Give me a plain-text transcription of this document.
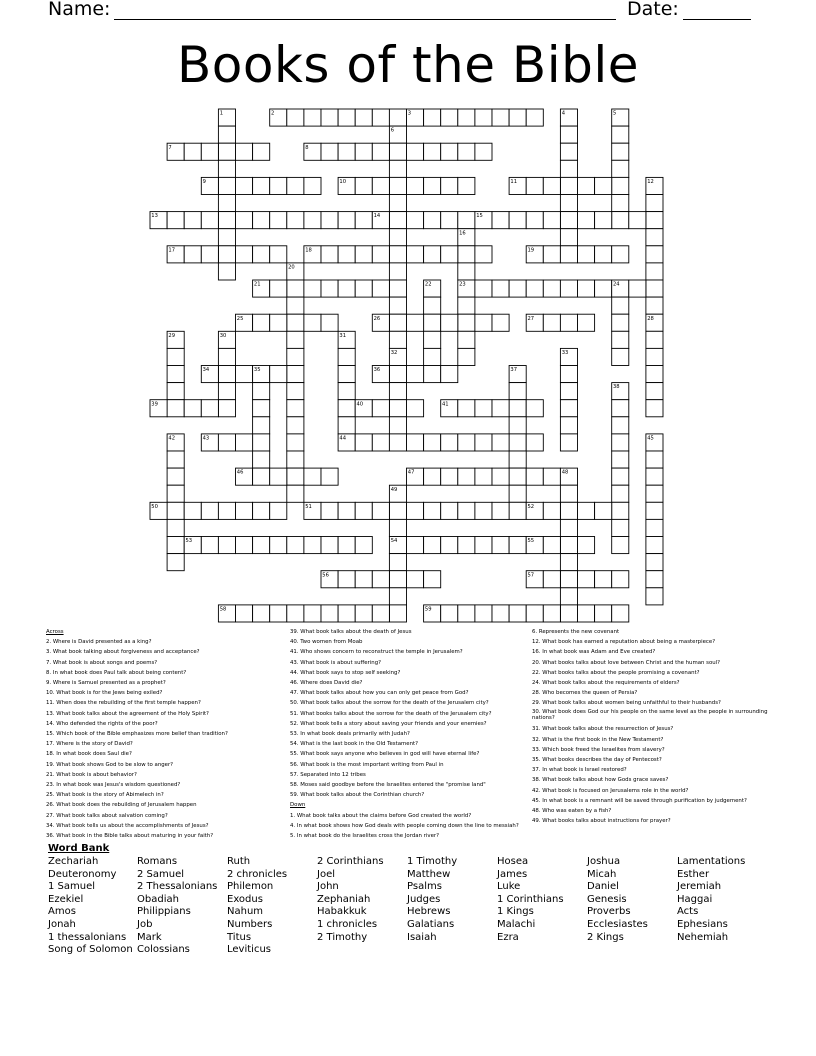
Name:	Date:
Books of the Bible
1	2	3	4	5
6
7	8
9	10	11	12
13	14	15
16
17	18	19
20
21	22	23	24
25	26	27	28
29	30	31
32	33
34	35	36	37
38
39	40	41
42	43	44	45
46	47	48
49
50	51	52
53	54	55
56	57
58	59
Across
2. Where is David presented as a king?
3. What book talking about forgiveness and acceptance?
7. What book is about songs and poems?
8. In what book does Paul talk about being content?
9. Where is Samuel presented as a prophet?
10. What book is for the Jews being exiled?
11. When does the rebuilding of the first temple happen?
13. What book talks about the agreement of the Holy Spirit?
14. Who defended the rights of the poor?
15. Which book of the Bible emphasizes more belief than tradition?
17. Where is the story of David?
18. In what book does Saul die?
19. What book shows God to be slow to anger?
21. What book is about behavior?
23. In what book was Jesus's wisdom questioned?
25. What book is the story of Abimelech in?
26. What book does the rebuilding of Jerusalem happen
27. What book talks about salvation coming?
34. What book tells us about the accomplishments of Jesus?
36. What book in the Bible talks about maturing in your faith?
39. What book talks about the death of Jesus
40. Two women from Moab
41. Who shows concern to reconstruct the temple in Jerusalem?
43. What book is about suffering?
44. What book says to stop self seeking?
46. Where does David die?
47. What book talks about how you can only get peace from God?
50. What book talks about the sorrow for the death of the Jerusalem city?
51. What books talks about the sorrow for the death of the Jerusalem city?
52. What book tells a story about saving your friends and your enemies?
53. In what book deals primarily with Judah?
54. What is the last book in the Old Testament?
55. What book says anyone who believes in god will have eternal life?
56. What book is the most important writing from Paul in
57. Separated into 12 tribes
58. Moses said goodbye before the Israelites entered the "promise land"
59. What book talks about the Corinthian church?
Down
1. What book talks about the claims before God created the world?
4. In what book shows how God deals with people coming down the line to messiah?
5. In what book do the Israelites cross the Jordan river?
6. Represents the new covenant
12. What book has earned a reputation about being a masterpiece?
16. In what book was Adam and Eve created?
20. What books talks about love between Christ and the human soul?
22. What books talks about the people promising a covenant?
24. What book talks about the requirements of elders?
28. Who becomes the queen of Persia?
29. What book talks about women being unfaithful to their husbands?
30. What book does God our his people on the same level as the people in surrounding nations?
31. What book talks about the resurrection of Jesus?
32. What is the first book in the New Testament?
33. Which book freed the Israelites from slavery?
35. What books describes the day of Pentecost?
37. In what book is Israel restored?
38. What book talks about how Gods grace saves?
42. What book is focused on Jerusalems role in the world?
45. In what book is a remnant will be saved through purification by judgement?
48. Who was eaten by a fish?
49. What books talks about instructions for prayer?
Word Bank
Zechariah
Deuteronomy
1 Samuel
Ezekiel
Amos
Jonah
1 thessalonians
Song of Solomon
Romans
2 Samuel
2 Thessalonians
Obadiah
Philippians
Job
Mark
Colossians
Ruth
2 chronicles
Philemon
Exodus
Nahum
Numbers
Titus
Leviticus
2 Corinthians
Joel
John
Zephaniah
Habakkuk
1 chronicles
2 Timothy
1 Timothy
Matthew
Psalms
Judges
Hebrews
Galatians
Isaiah
Hosea
James
Luke
1 Corinthians
1 Kings
Malachi
Ezra
Joshua
Micah
Daniel
Genesis
Proverbs
Ecclesiastes
2 Kings
Lamentations
Esther
Jeremiah
Haggai
Acts
Ephesians
Nehemiah
